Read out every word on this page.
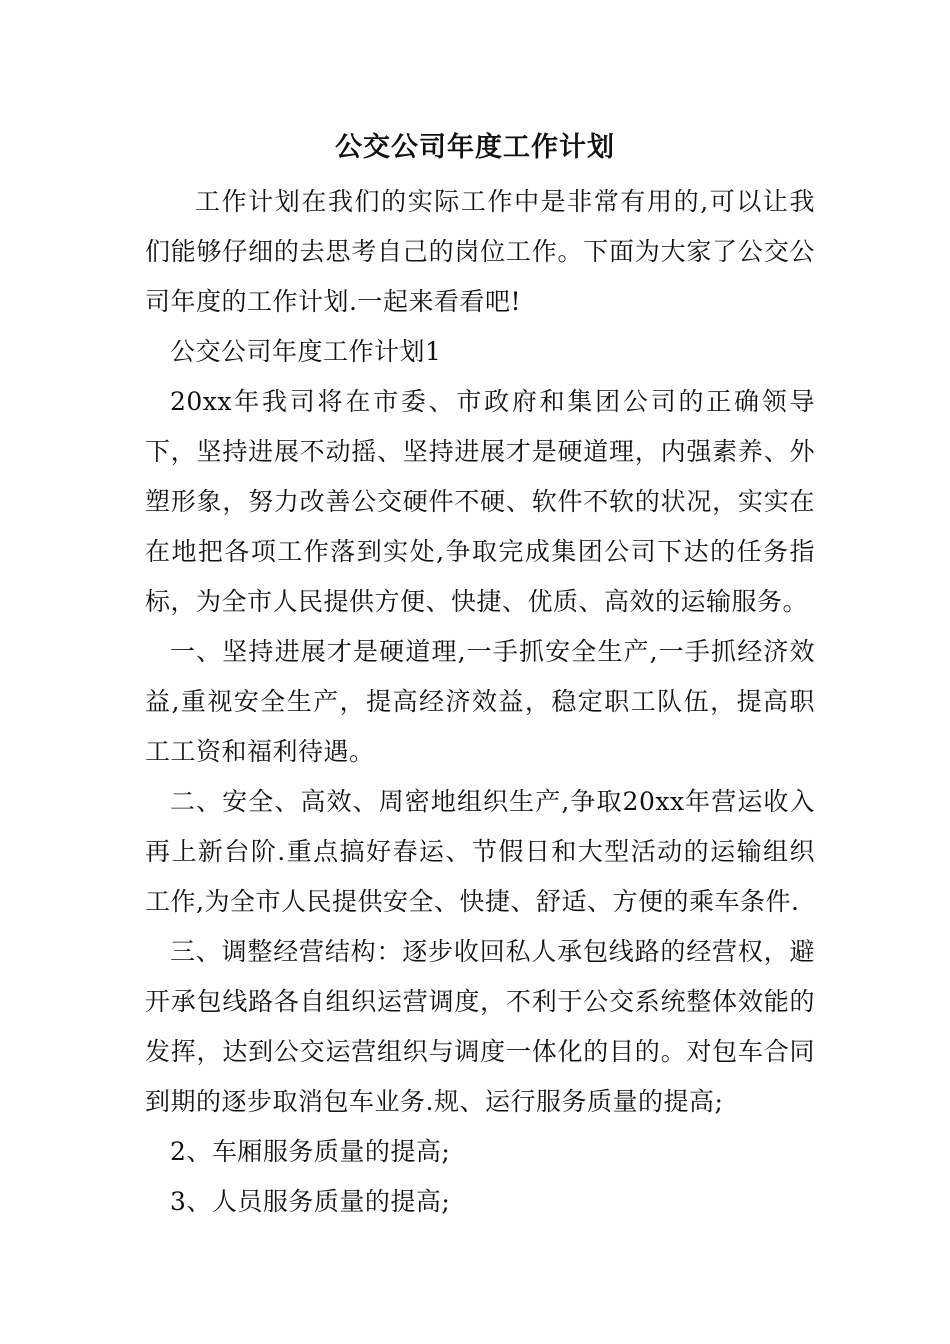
公交公司年度工作计划

工作计划在我们的实际工作中是非常有用的,可以让我们能够仔细的去思考自己的岗位工作。下面为大家了公交公司年度的工作计划.一起来看看吧!

公交公司年度工作计划1

20xx年我司将在市委、市政府和集团公司的正确领导下，坚持进展不动摇、坚持进展才是硬道理，内强素养、外塑形象，努力改善公交硬件不硬、软件不软的状况，实实在在地把各项工作落到实处,争取完成集团公司下达的任务指标，为全市人民提供方便、快捷、优质、高效的运输服务。

一、坚持进展才是硬道理,一手抓安全生产,一手抓经济效益,重视安全生产，提高经济效益，稳定职工队伍，提高职工工资和福利待遇。

二、安全、高效、周密地组织生产,争取20xx年营运收入再上新台阶.重点搞好春运、节假日和大型活动的运输组织工作,为全市人民提供安全、快捷、舒适、方便的乘车条件.

三、调整经营结构：逐步收回私人承包线路的经营权，避开承包线路各自组织运营调度，不利于公交系统整体效能的发挥，达到公交运营组织与调度一体化的目的。对包车合同到期的逐步取消包车业务.规、运行服务质量的提高;

2、车厢服务质量的提高;

3、人员服务质量的提高;
